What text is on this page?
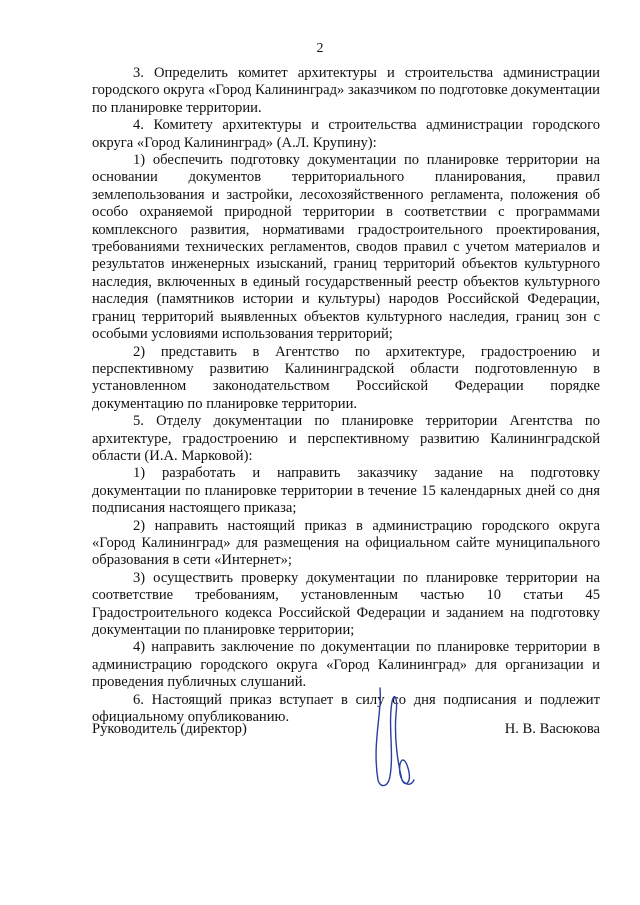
2

3. Определить комитет архитектуры и строительства администрации городского округа «Город Калининград» заказчиком по подготовке документации по планировке территории.

4. Комитету архитектуры и строительства администрации городского округа «Город Калининград» (А.Л. Крупину):

1) обеспечить подготовку документации по планировке территории на основании документов территориального планирования, правил землепользования и застройки, лесохозяйственного регламента, положения об особо охраняемой природной территории в соответствии с программами комплексного развития, нормативами градостроительного проектирования, требованиями технических регламентов, сводов правил с учетом материалов и результатов инженерных изысканий, границ территорий объектов культурного наследия, включенных в единый государственный реестр объектов культурного наследия (памятников истории и культуры) народов Российской Федерации, границ территорий выявленных объектов культурного наследия, границ зон с особыми условиями использования территорий;

2) представить в Агентство по архитектуре, градостроению и перспективному развитию Калининградской области подготовленную в установленном законодательством Российской Федерации порядке документацию по планировке территории.

5. Отделу документации по планировке территории Агентства по архитектуре, градостроению и перспективному развитию Калининградской области (И.А. Марковой):

1) разработать и направить заказчику задание на подготовку документации по планировке территории в течение 15 календарных дней со дня подписания настоящего приказа;

2) направить настоящий приказ в администрацию городского округа «Город Калининград» для размещения на официальном сайте муниципального образования в сети «Интернет»;

3) осуществить проверку документации по планировке территории на соответствие требованиям, установленным частью 10 статьи 45 Градостроительного кодекса Российской Федерации и заданием на подготовку документации по планировке территории;

4) направить заключение по документации по планировке территории в администрацию городского округа «Город Калининград» для организации и проведения публичных слушаний.

6. Настоящий приказ вступает в силу со дня подписания и подлежит официальному опубликованию.

Руководитель (директор)	Н. В. Васюкова
